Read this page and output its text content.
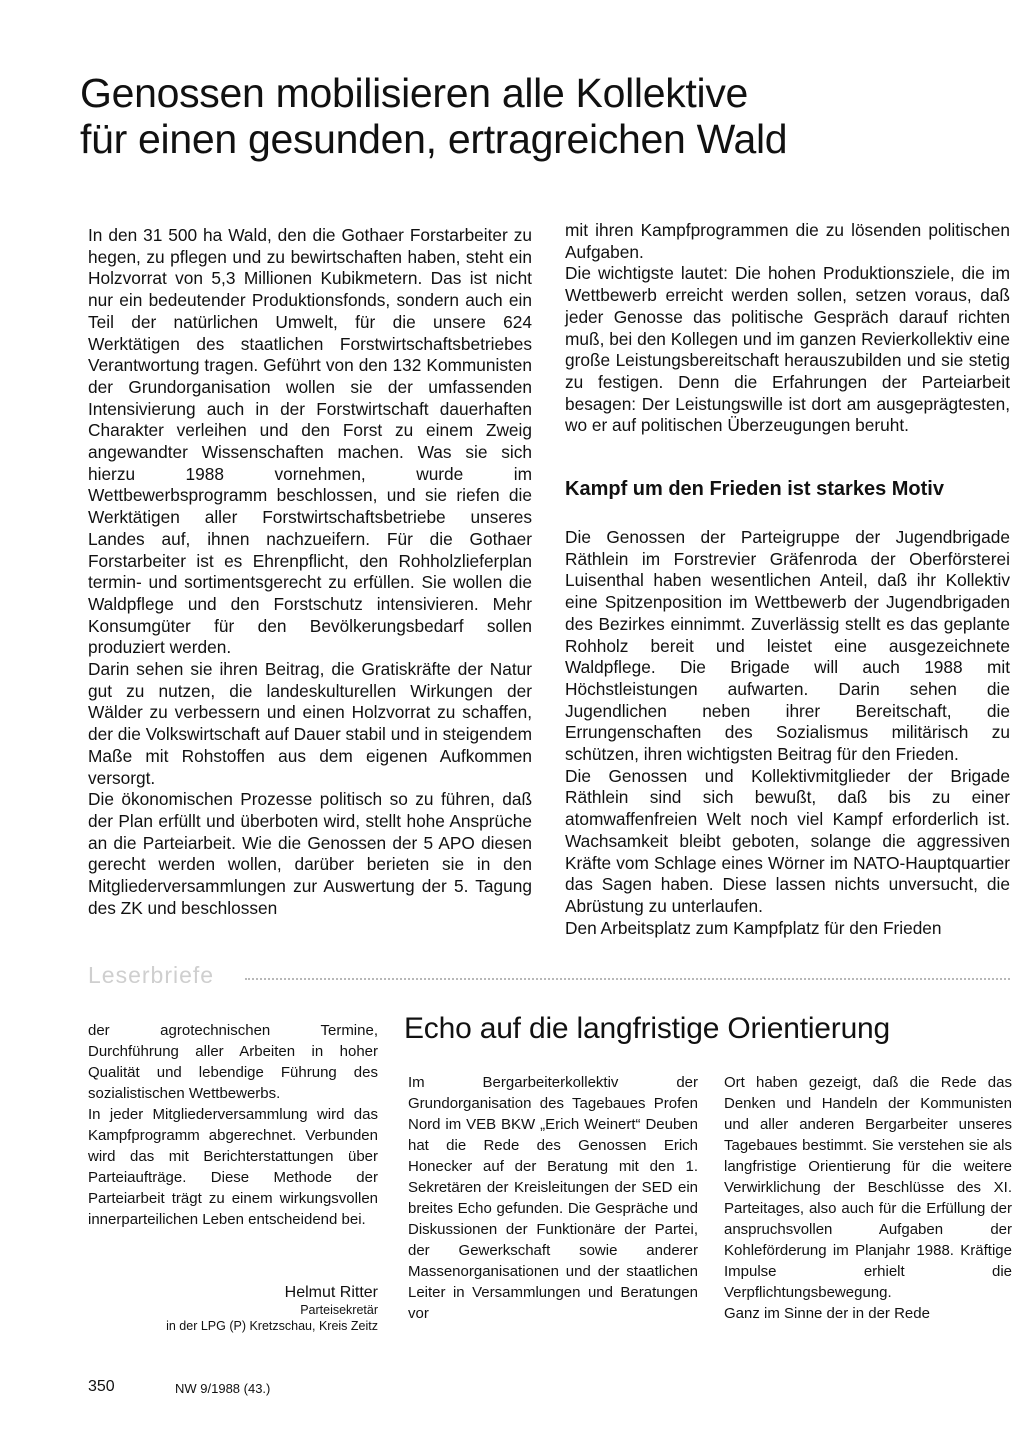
Genossen mobilisieren alle Kollektive
für einen gesunden, ertragreichen Wald

In den 31 500 ha Wald, den die Gothaer Forstarbeiter zu hegen, zu pflegen und zu bewirtschaften haben, steht ein Holzvorrat von 5,3 Millionen Kubikmetern. Das ist nicht nur ein bedeutender Produktionsfonds, sondern auch ein Teil der natürlichen Umwelt, für die unsere 624 Werktätigen des staatlichen Forstwirtschaftsbetriebes Verantwortung tragen. Geführt von den 132 Kommunisten der Grundorganisation wollen sie der umfassenden Intensivierung auch in der Forstwirtschaft dauerhaften Charakter verleihen und den Forst zu einem Zweig angewandter Wissenschaften machen. Was sie sich hierzu 1988 vornehmen, wurde im Wettbewerbsprogramm beschlossen, und sie riefen die Werktätigen aller Forstwirtschaftsbetriebe unseres Landes auf, ihnen nachzueifern. Für die Gothaer Forstarbeiter ist es Ehrenpflicht, den Rohholzlieferplan termin- und sortimentsgerecht zu erfüllen. Sie wollen die Waldpflege und den Forstschutz intensivieren. Mehr Konsumgüter für den Bevölkerungsbedarf sollen produziert werden.

Darin sehen sie ihren Beitrag, die Gratiskräfte der Natur gut zu nutzen, die landeskulturellen Wirkungen der Wälder zu verbessern und einen Holzvorrat zu schaffen, der die Volkswirtschaft auf Dauer stabil und in steigendem Maße mit Rohstoffen aus dem eigenen Aufkommen versorgt.

Die ökonomischen Prozesse politisch so zu führen, daß der Plan erfüllt und überboten wird, stellt hohe Ansprüche an die Parteiarbeit. Wie die Genossen der 5 APO diesen gerecht werden wollen, darüber berieten sie in den Mitgliederversammlungen zur Auswertung der 5. Tagung des ZK und beschlossen

mit ihren Kampfprogrammen die zu lösenden politischen Aufgaben.

Die wichtigste lautet: Die hohen Produktionsziele, die im Wettbewerb erreicht werden sollen, setzen voraus, daß jeder Genosse das politische Gespräch darauf richten muß, bei den Kollegen und im ganzen Revierkollektiv eine große Leistungsbereitschaft herauszubilden und sie stetig zu festigen. Denn die Erfahrungen der Parteiarbeit besagen: Der Leistungswille ist dort am ausgeprägtesten, wo er auf politischen Überzeugungen beruht.

Kampf um den Frieden ist starkes Motiv

Die Genossen der Parteigruppe der Jugendbrigade Räthlein im Forstrevier Gräfenroda der Oberförsterei Luisenthal haben wesentlichen Anteil, daß ihr Kollektiv eine Spitzenposition im Wettbewerb der Jugendbrigaden des Bezirkes einnimmt. Zuverlässig stellt es das geplante Rohholz bereit und leistet eine ausgezeichnete Waldpflege. Die Brigade will auch 1988 mit Höchstleistungen aufwarten. Darin sehen die Jugendlichen neben ihrer Bereitschaft, die Errungenschaften des Sozialismus militärisch zu schützen, ihren wichtigsten Beitrag für den Frieden.

Die Genossen und Kollektivmitglieder der Brigade Räthlein sind sich bewußt, daß bis zu einer atomwaffenfreien Welt noch viel Kampf erforderlich ist. Wachsamkeit bleibt geboten, solange die aggressiven Kräfte vom Schlage eines Wörner im NATO-Hauptquartier das Sagen haben. Diese lassen nichts unversucht, die Abrüstung zu unterlaufen.

Den Arbeitsplatz zum Kampfplatz für den Frieden

Leserbriefe

der agrotechnischen Termine, Durchführung aller Arbeiten in hoher Qualität und lebendige Führung des sozialistischen Wettbewerbs.

In jeder Mitgliederversammlung wird das Kampfprogramm abgerechnet. Verbunden wird das mit Berichterstattungen über Parteiaufträge. Diese Methode der Parteiarbeit trägt zu einem wirkungsvollen innerparteilichen Leben entscheidend bei.

Helmut Ritter
Parteisekretär
in der LPG (P) Kretzschau, Kreis Zeitz
Echo auf die langfristige Orientierung

Im Bergarbeiterkollektiv der Grundorganisation des Tagebaues Profen Nord im VEB BKW „Erich Weinert“ Deuben hat die Rede des Genossen Erich Honecker auf der Beratung mit den 1. Sekretären der Kreisleitungen der SED ein breites Echo gefunden. Die Gespräche und Diskussionen der Funktionäre der Partei, der Gewerkschaft sowie anderer Massenorganisationen und der staatlichen Leiter in Versammlungen und Beratungen vor

Ort haben gezeigt, daß die Rede das Denken und Handeln der Kommunisten und aller anderen Bergarbeiter unseres Tagebaues bestimmt. Sie verstehen sie als langfristige Orientierung für die weitere Verwirklichung der Beschlüsse des XI. Parteitages, also auch für die Erfüllung der anspruchsvollen Aufgaben der Kohleförderung im Planjahr 1988. Kräftige Impulse erhielt die Verpflichtungsbewegung.

Ganz im Sinne der in der Rede

350	NW 9/1988 (43.)
